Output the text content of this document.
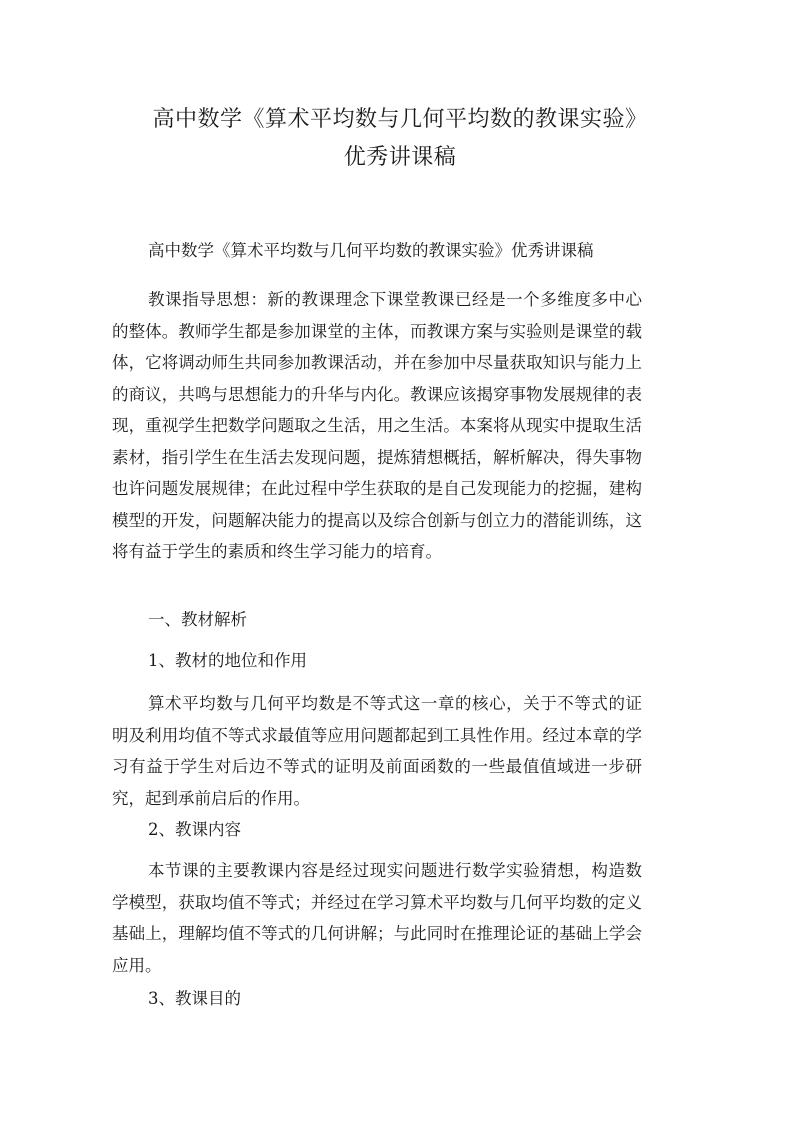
高中数学《算术平均数与几何平均数的教课实验》
优秀讲课稿
高中数学《算术平均数与几何平均数的教课实验》优秀讲课稿
教课指导思想：新的教课理念下课堂教课已经是一个多维度多中心的整体。教师学生都是参加课堂的主体，而教课方案与实验则是课堂的载体，它将调动师生共同参加教课活动，并在参加中尽量获取知识与能力上的商议，共鸣与思想能力的升华与内化。教课应该揭穿事物发展规律的表现，重视学生把数学问题取之生活，用之生活。本案将从现实中提取生活素材，指引学生在生活去发现问题，提炼猜想概括，解析解决，得失事物也许问题发展规律；在此过程中学生获取的是自己发现能力的挖掘，建构模型的开发，问题解决能力的提高以及综合创新与创立力的潜能训练，这将有益于学生的素质和终生学习能力的培育。
一、教材解析
1、教材的地位和作用
算术平均数与几何平均数是不等式这一章的核心，关于不等式的证明及利用均值不等式求最值等应用问题都起到工具性作用。经过本章的学习有益于学生对后边不等式的证明及前面函数的一些最值值域进一步研究，起到承前启后的作用。
2、教课内容
本节课的主要教课内容是经过现实问题进行数学实验猜想，构造数学模型，获取均值不等式；并经过在学习算术平均数与几何平均数的定义基础上，理解均值不等式的几何讲解；与此同时在推理论证的基础上学会应用。
3、教课目的
